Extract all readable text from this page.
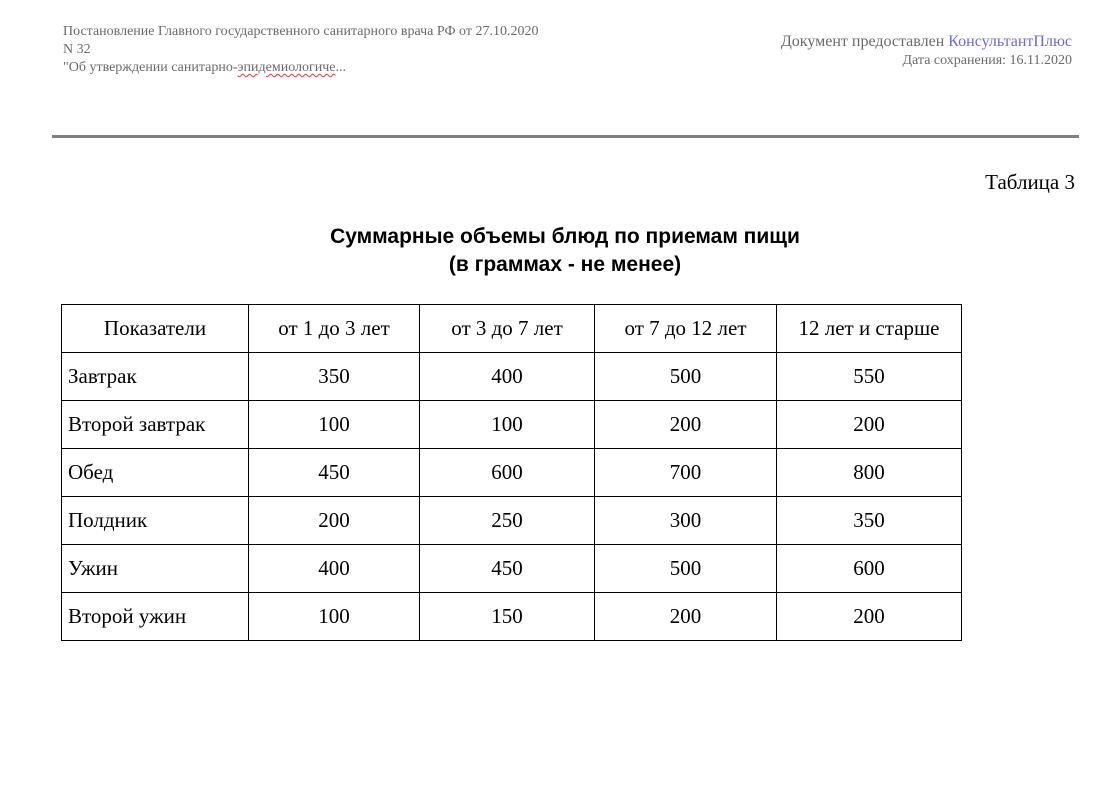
Постановление Главного государственного санитарного врача РФ от 27.10.2020
N 32
"Об утверждении санитарно-эпидемиологиче...
Документ предоставлен КонсультантПлюс
Дата сохранения: 16.11.2020
Таблица 3
Суммарные объемы блюд по приемам пищи
(в граммах - не менее)
Показатели	от 1 до 3 лет	от 3 до 7 лет	от 7 до 12 лет	12 лет и старше
Завтрак	350	400	500	550
Второй завтрак	100	100	200	200
Обед	450	600	700	800
Полдник	200	250	300	350
Ужин	400	450	500	600
Второй ужин	100	150	200	200
